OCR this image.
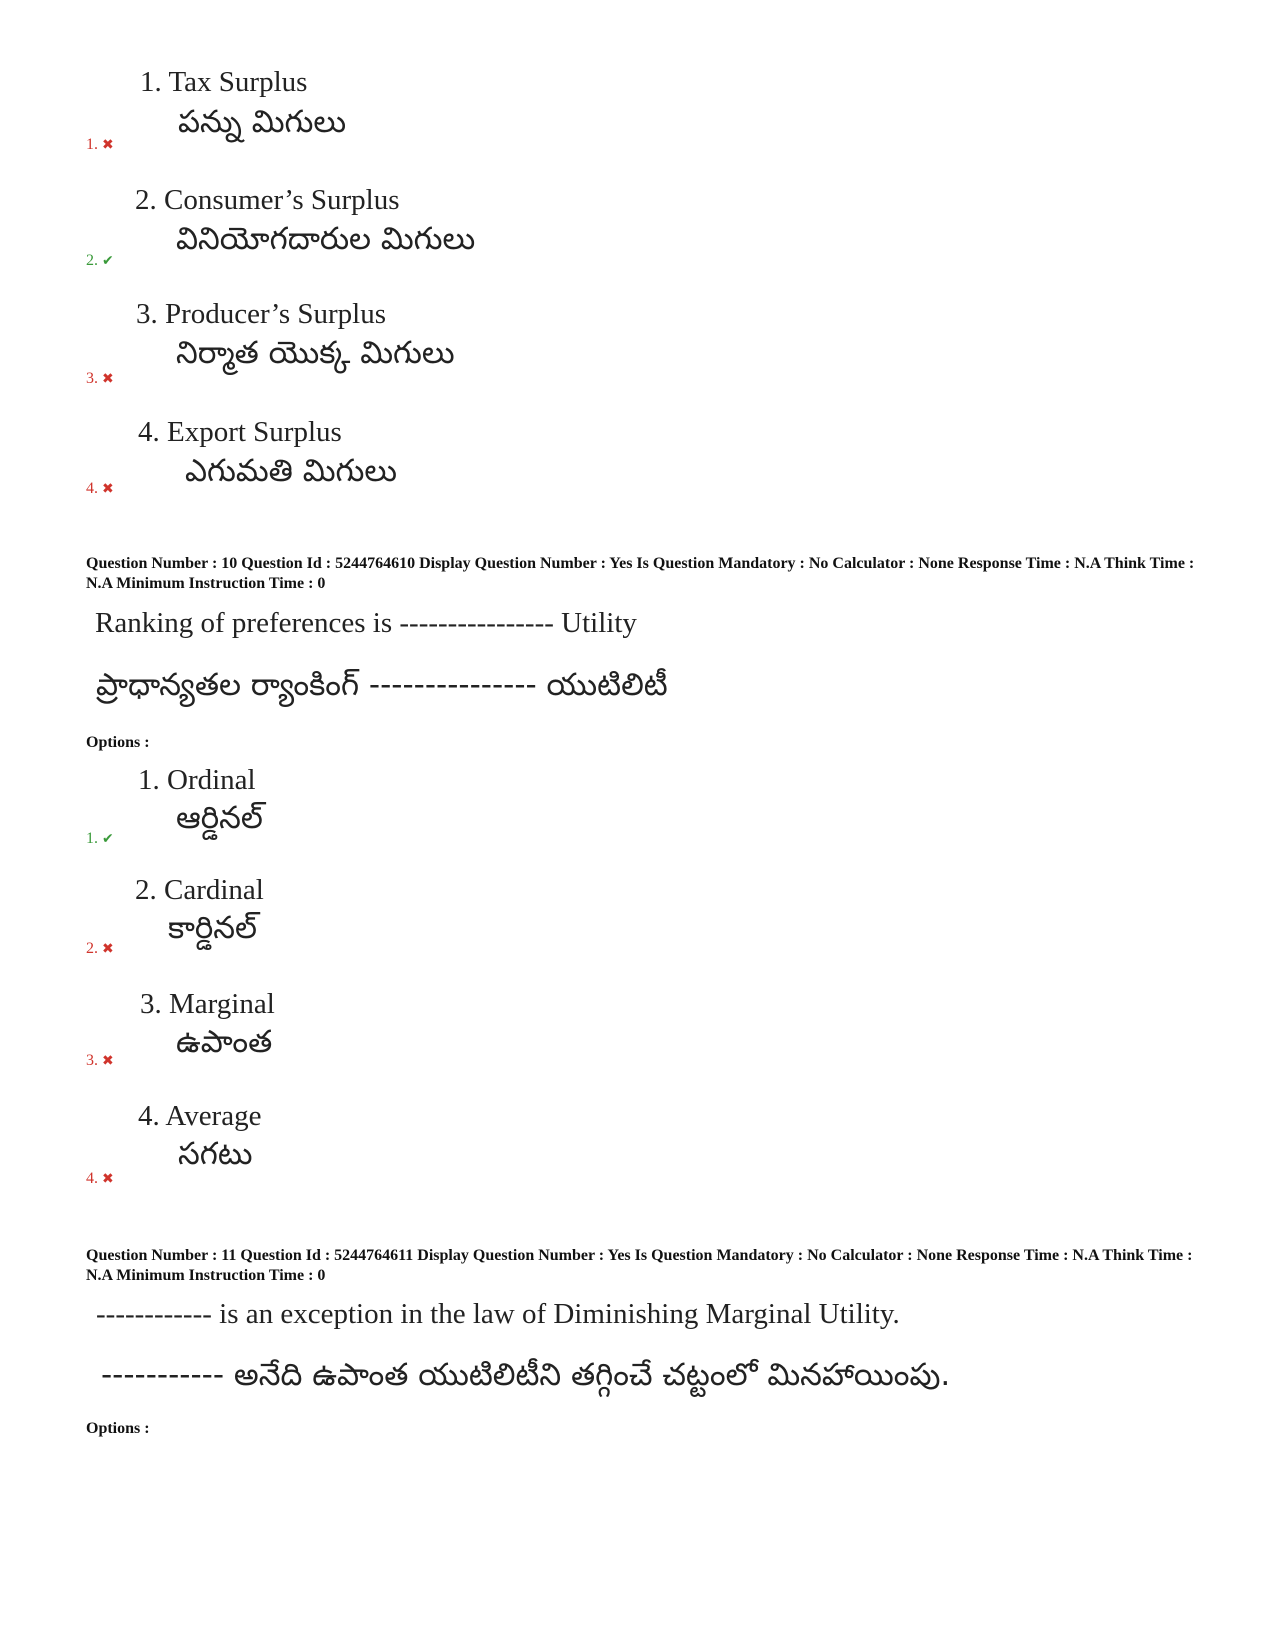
1. Tax Surplus
పన్ను మిగులు
1. ✖
2. Consumer’s Surplus
వినియోగదారుల మిగులు
2. ✔
3. Producer’s Surplus
నిర్మాత యొక్క మిగులు
3. ✖
4. Export Surplus
ఎగుమతి మిగులు
4. ✖
Question Number : 10 Question Id : 5244764610 Display Question Number : Yes Is Question Mandatory : No Calculator : None Response Time : N.A Think Time : N.A Minimum Instruction Time : 0
Ranking of preferences is ---------------- Utility
ప్రాధాన్యతల ర్యాంకింగ్ --------------- యుటిలిటీ
Options :
1. Ordinal
ఆర్డినల్
1. ✔
2. Cardinal
కార్డినల్
2. ✖
3. Marginal
ఉపాంత
3. ✖
4. Average
సగటు
4. ✖
Question Number : 11 Question Id : 5244764611 Display Question Number : Yes Is Question Mandatory : No Calculator : None Response Time : N.A Think Time : N.A Minimum Instruction Time : 0
------------ is an exception in the law of Diminishing Marginal Utility.
----------- అనేది ఉపాంత యుటిలిటీని తగ్గించే చట్టంలో మినహాయింపు.
Options :
